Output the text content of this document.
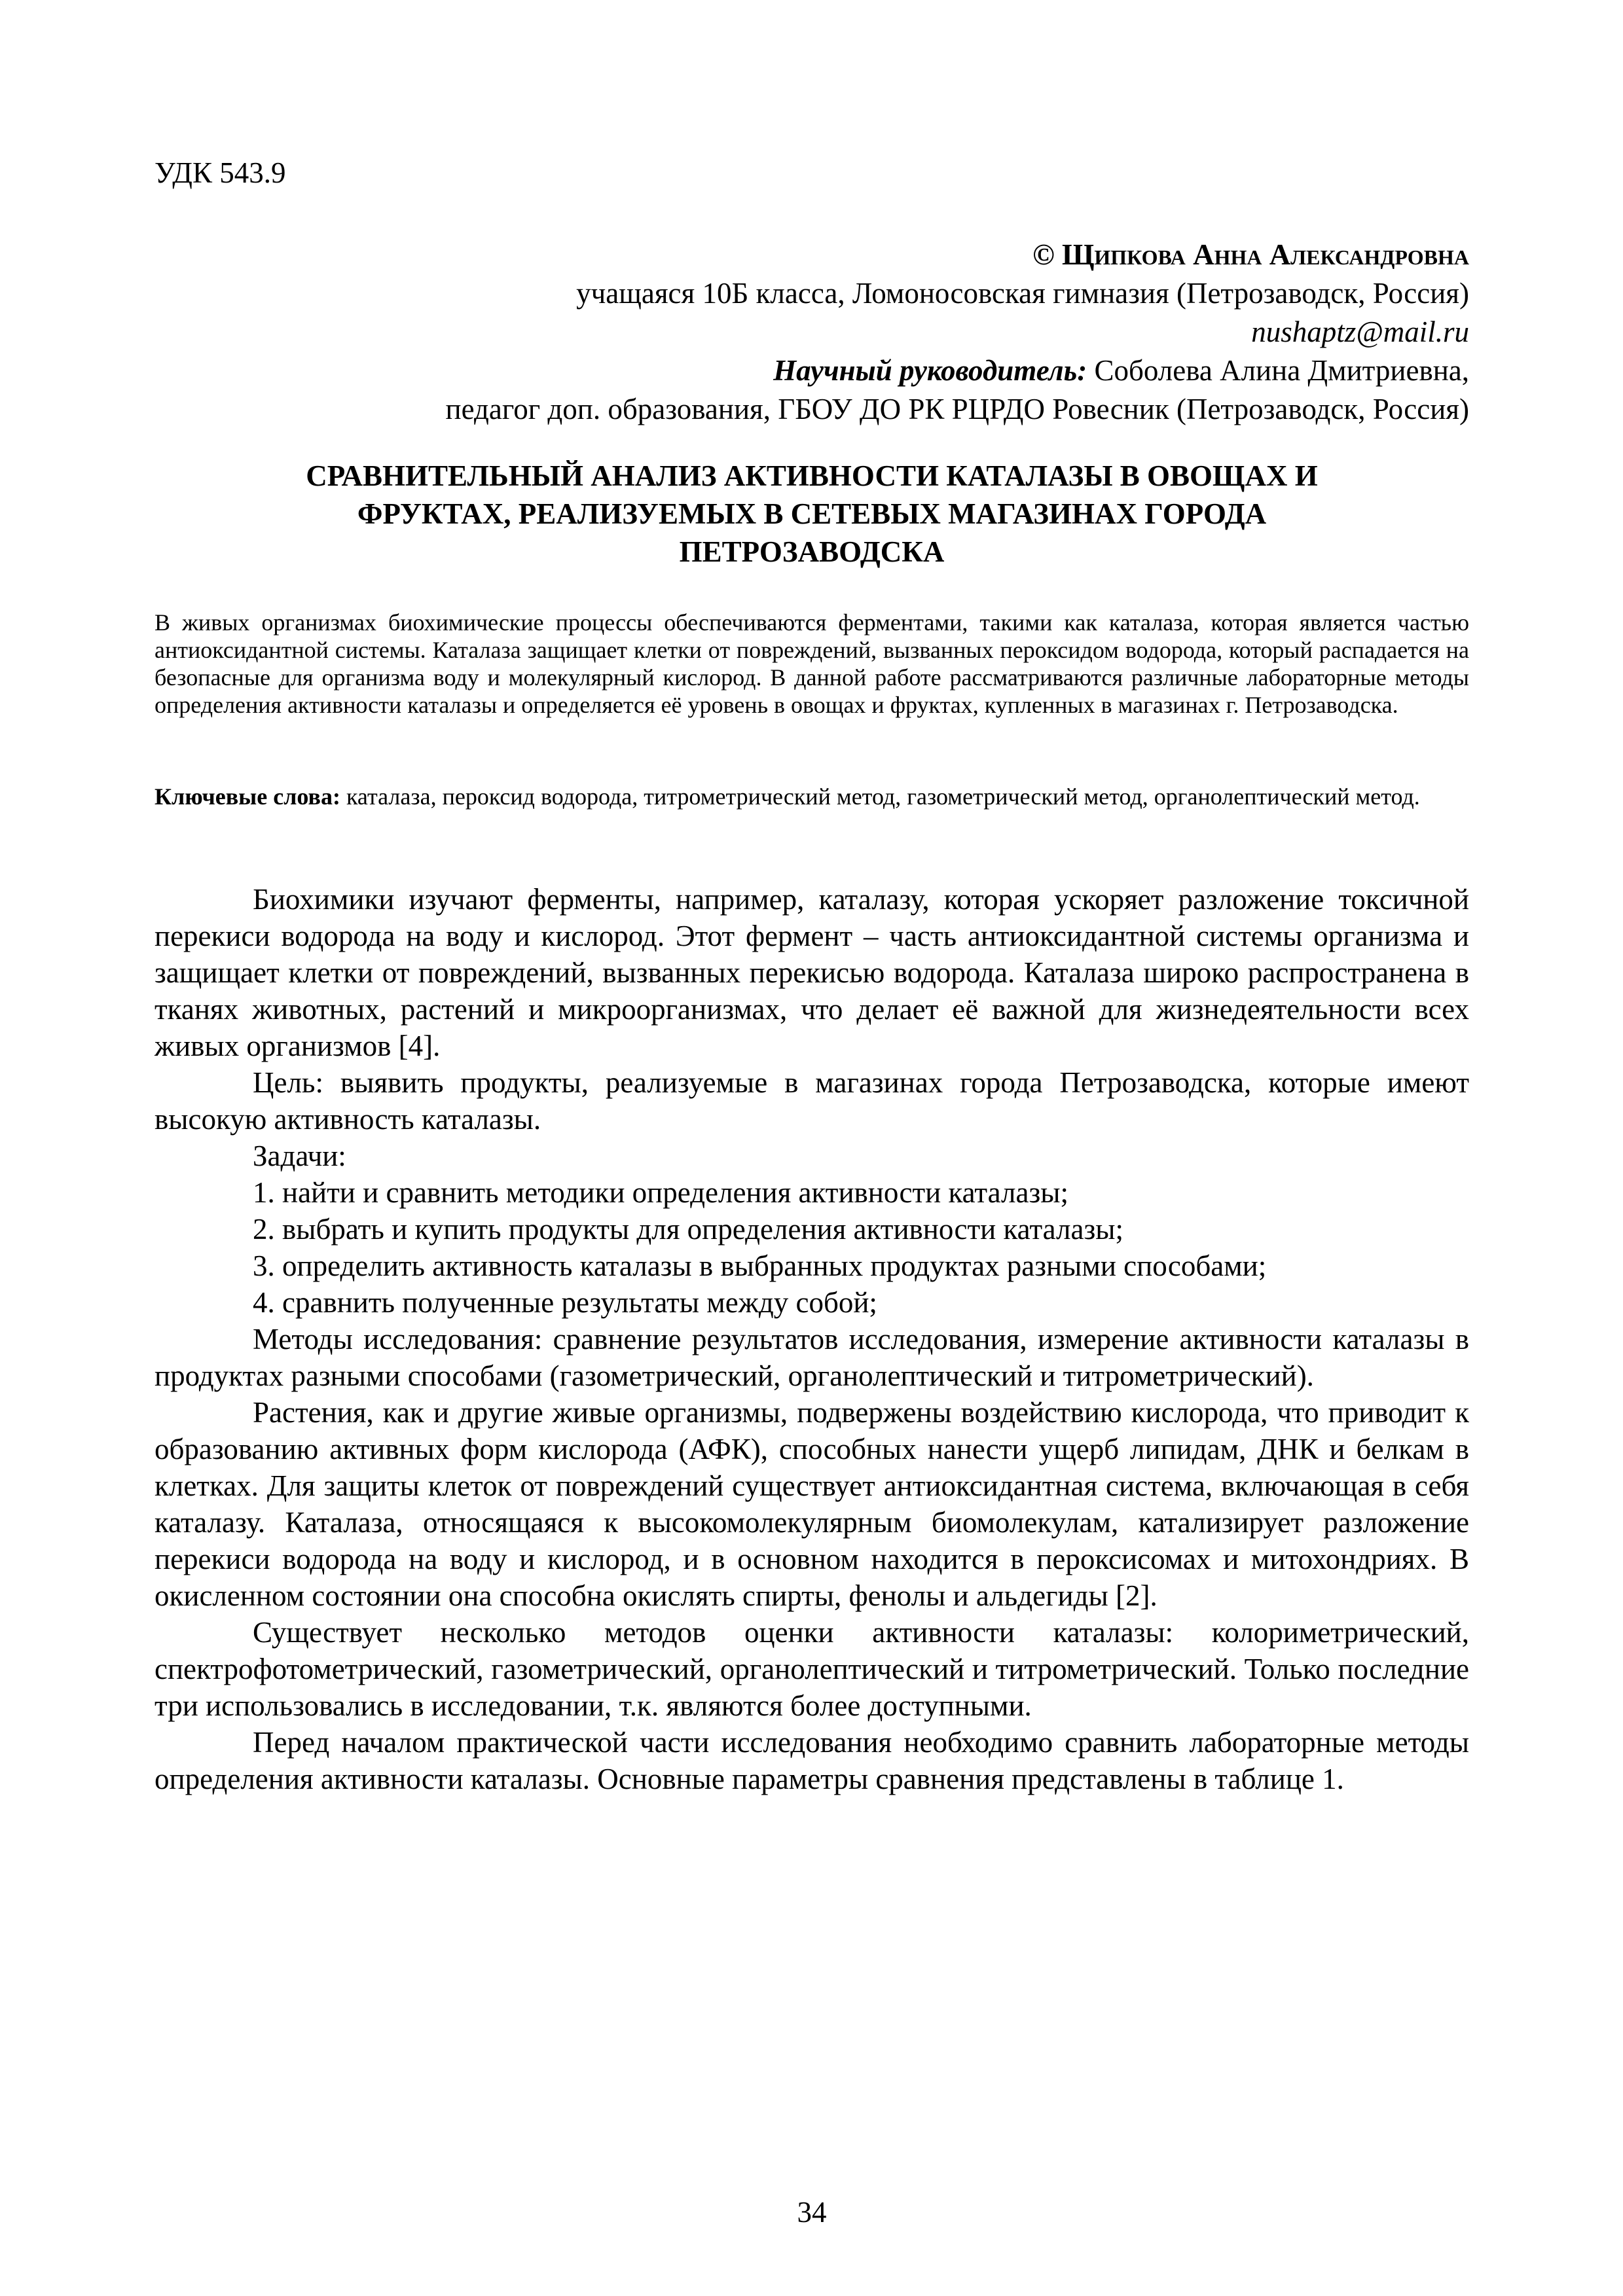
УДК 543.9
© Щипкова Анна Александровна
учащаяся 10Б класса, Ломоносовская гимназия (Петрозаводск, Россия)
nushaptz@mail.ru
Научный руководитель: Соболева Алина Дмитриевна,
педагог доп. образования, ГБОУ ДО РК РЦРДО Ровесник (Петрозаводск, Россия)
СРАВНИТЕЛЬНЫЙ АНАЛИЗ АКТИВНОСТИ КАТАЛАЗЫ В ОВОЩАХ И
ФРУКТАХ, РЕАЛИЗУЕМЫХ В СЕТЕВЫХ МАГАЗИНАХ ГОРОДА
ПЕТРОЗАВОДСКА
В живых организмах биохимические процессы обеспечиваются ферментами, такими как каталаза, которая является частью антиоксидантной системы. Каталаза защищает клетки от повреждений, вызванных пероксидом водорода, который распадается на безопасные для организма воду и молекулярный кислород. В данной работе рассматриваются различные лабораторные методы определения активности каталазы и определяется её уровень в овощах и фруктах, купленных в магазинах г. Петрозаводска.
Ключевые слова: каталаза, пероксид водорода, титрометрический метод, газометрический метод, органолептический метод.

Биохимики изучают ферменты, например, каталазу, которая ускоряет разложение токсичной перекиси водорода на воду и кислород. Этот фермент – часть антиоксидантной системы организма и защищает клетки от повреждений, вызванных перекисью водорода. Каталаза широко распространена в тканях животных, растений и микроорганизмах, что делает её важной для жизнедеятельности всех живых организмов [4].

Цель: выявить продукты, реализуемые в магазинах города Петрозаводска, которые имеют высокую активность каталазы.

Задачи:

1. найти и сравнить методики определения активности каталазы;

2. выбрать и купить продукты для определения активности каталазы;

3. определить активность каталазы в выбранных продуктах разными способами;

4. сравнить полученные результаты между собой;

Методы исследования: сравнение результатов исследования, измерение активности каталазы в продуктах разными способами (газометрический, органолептический и титрометрический).

Растения, как и другие живые организмы, подвержены воздействию кислорода, что приводит к образованию активных форм кислорода (АФК), способных нанести ущерб липидам, ДНК и белкам в клетках. Для защиты клеток от повреждений существует антиоксидантная система, включающая в себя каталазу. Каталаза, относящаяся к высокомолекулярным биомолекулам, катализирует разложение перекиси водорода на воду и кислород, и в основном находится в пероксисомах и митохондриях. В окисленном состоянии она способна окислять спирты, фенолы и альдегиды [2].

Существует несколько методов оценки активности каталазы: колориметрический, спектрофотометрический, газометрический, органолептический и титрометрический. Только последние три использовались в исследовании, т.к. являются более доступными.

Перед началом практической части исследования необходимо сравнить лабораторные методы определения активности каталазы. Основные параметры сравнения представлены в таблице 1.

34
